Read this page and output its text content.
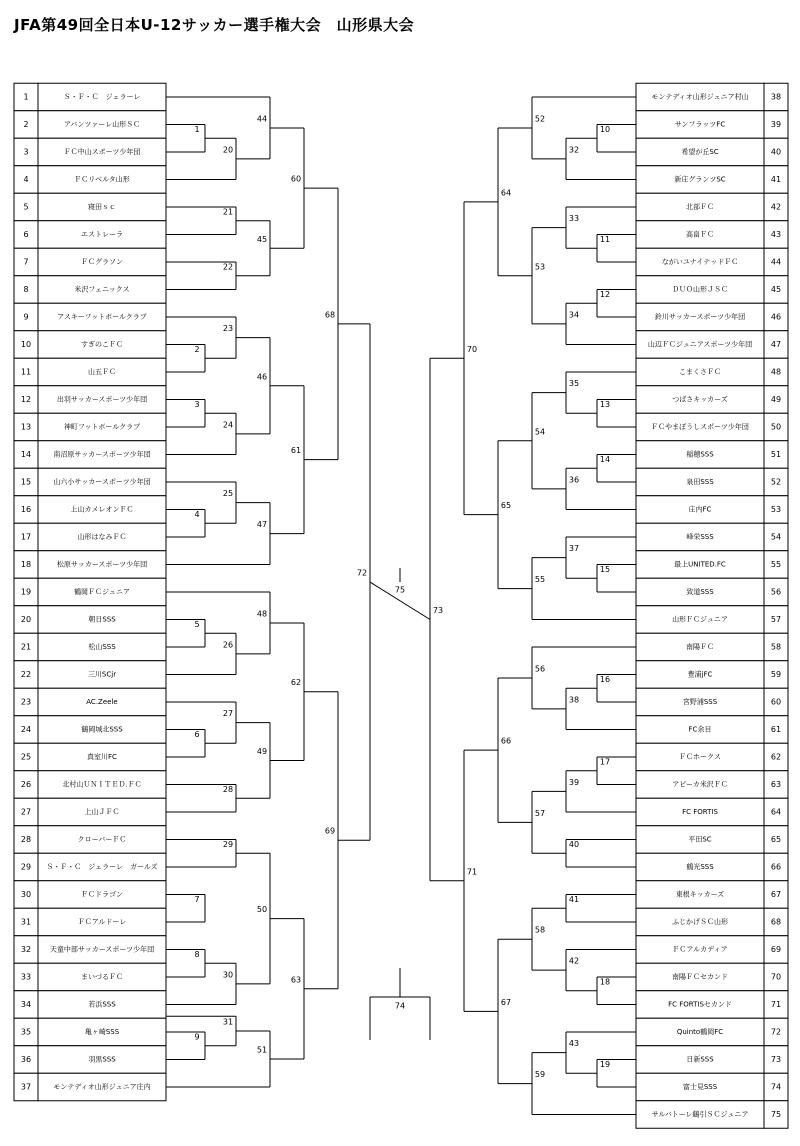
JFA第49回全日本U-12サッカー選手権大会　山形県大会
1	Ｓ・Ｆ・Ｃ　ジェラーレ
2	アバンツァーレ山形ＳＣ
3	ＦＣ中山スポーツ少年団
4	ＦＣリベルタ山形
5	寝田ｓｃ
6	エストレーラ
7	ＦＣグラソン
8	米沢フェニックス
9	アスキーフットボールクラブ
10	すぎのこＦＣ
11	山五ＦＣ
12	出羽サッカースポーツ少年団
13	神町フットボールクラブ
14	南沼原サッカースポーツ少年団
15	山六小サッカースポーツ少年団
16	上山カメレオンＦＣ
17	山形はなみＦＣ
18	松原サッカースポーツ少年団
19	鶴岡ＦＣジュニア
20	朝日SSS
21	松山SSS
22	三川SCjr
23	AC.Zeele
24	鶴岡城北SSS
25	真室川FC
26	北村山ＵＮＩＴＥＤ.ＦＣ
27	上山ＪＦＣ
28	クローバーＦＣ
29 Ｓ・Ｆ・Ｃ　ジェラーレ　ガールズ
30	ＦＣドラゴン
31	ＦＣアルドーレ
32	天童中部サッカースポーツ少年団
33	まいづるＦＣ
34	若浜SSS
35	亀ヶ崎SSS
36	羽黒SSS
37	モンテディオ山形ジュニア庄内
モンテディオ山形ジュニア村山	38
サンフラッツFC	39
希望が丘SC	40
新庄グランツSC	41
北部ＦＣ	42
高畠ＦＣ	43
ながいユナイテッドＦＣ	44
ＤＵＯ山形ＪＳＣ	45
鈴川サッカースポーツ少年団	46
山辺ＦＣジュニアスポーツ少年団 47
こまくさＦＣ	48
つばさキッカーズ	49
ＦＣやまぼうしスポーツ少年団	50
稲穂SSS	51
泉田SSS	52
庄内FC	53
峰栄SSS	54
最上UNITED.FC	55
致道SSS	56
山形ＦＣジュニア	57
南陽ＦＣ	58
豊浦jFC	59
宮野浦SSS	60
FC余目	61
ＦＣホークス	62
アビーカ米沢ＦＣ	63
FC FORTIS	64
平田SC	65
鶴光SSS	66
東根キッカーズ	67
ふじかげＳＣ山形	68
ＦＣアルカディア	69
南陽ＦＣセカンド	70
FC FORTISセカンド	71
Quinto鶴岡FC	72
日新SSS	73
富士見SSS	74
サルバトーレ鶴引ＳＣジュニア	75
1
2
3
4
5
6
7
8
9
20
21
22
23
24
25
26
27
28
29
30
31
44
45
46
47
48
49
50
51
60
61
62
63
68
69
72
10
11
12
13
14
15
16
17
18
19
32
33
34
35
36
37
38
39
40
41
42
43
52
53
54
55
56
57
58
59
64
65
66
67
70
71
73
75
74
